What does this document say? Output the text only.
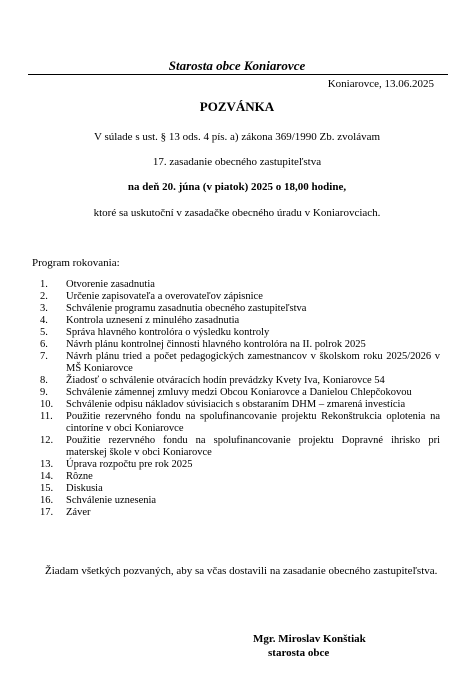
Starosta obce Koniarovce
Koniarovce, 13.06.2025
POZVÁNKA
V súlade s ust. § 13 ods. 4 pís. a) zákona 369/1990 Zb. zvolávam
17. zasadanie obecného zastupiteľstva
na deň 20. júna (v piatok) 2025 o 18,00 hodine,
ktoré sa uskutoční v zasadačke obecného úradu v Koniarovciach.
Program rokovania:
1.	Otvorenie zasadnutia
2.	Určenie zapisovateľa a overovateľov zápisnice
3.	Schválenie programu zasadnutia obecného zastupiteľstva
4.	Kontrola uznesení z minulého zasadnutia
5.	Správa hlavného kontrolóra o výsledku kontroly
6.	Návrh plánu kontrolnej činnosti hlavného kontrolóra na II. polrok 2025
7.	Návrh plánu tried a počet pedagogických zamestnancov v školskom roku 2025/2026 v MŠ Koniarovce
8.	Žiadosť o schválenie otváracích hodín prevádzky Kvety Iva, Koniarovce 54
9.	Schválenie zámennej zmluvy medzi Obcou Koniarovce a Danielou Chlepčokovou
10.	Schválenie odpisu nákladov súvisiacich s obstaraním DHM – zmarená investícia
11.	Použitie rezervného fondu na spolufinancovanie projektu Rekonštrukcia oplotenia na cintoríne v obci Koniarovce
12.	Použitie rezervného fondu na spolufinancovanie projektu Dopravné ihrisko pri materskej škole v obci Koniarovce
13.	Úprava rozpočtu pre rok 2025
14.	Rôzne
15.	Diskusia
16.	Schválenie uznesenia
17.	Záver
Žiadam všetkých pozvaných, aby sa včas dostavili na zasadanie obecného zastupiteľstva.
Mgr. Miroslav Konštiak
starosta obce
